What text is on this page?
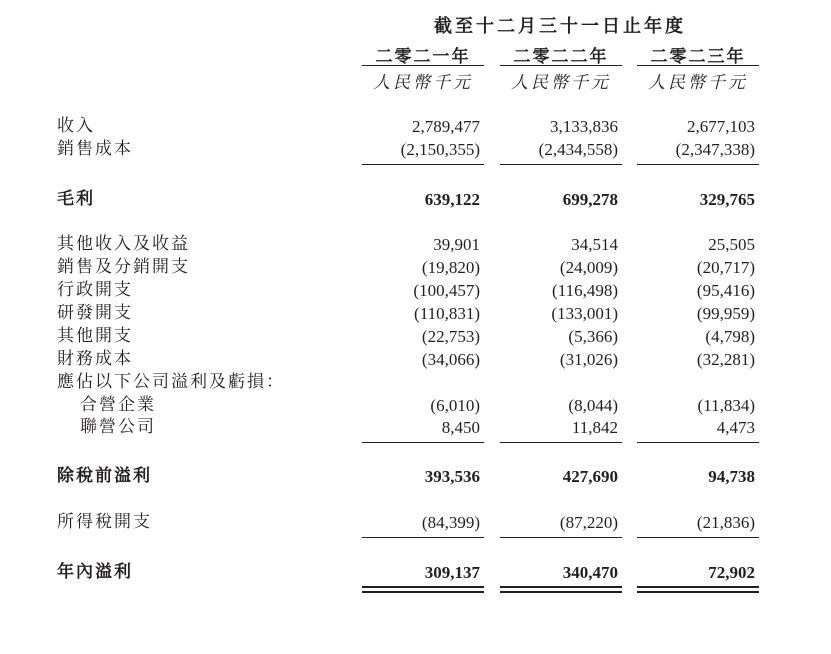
截至十二月三十一日止年度
二零二一年	二零二二年	二零二三年
人民幣千元	人民幣千元	人民幣千元
收入	2,789,477	3,133,836	2,677,103
銷售成本	(2,150,355)	(2,434,558)	(2,347,338)
毛利	639,122	699,278	329,765
其他收入及收益	39,901	34,514	25,505
銷售及分銷開支	(19,820)	(24,009)	(20,717)
行政開支	(100,457)	(116,498)	(95,416)
研發開支	(110,831)	(133,001)	(99,959)
其他開支	(22,753)	(5,366)	(4,798)
財務成本	(34,066)	(31,026)	(32,281)
應佔以下公司溢利及虧損：
合營企業	(6,010)	(8,044)	(11,834)
聯營公司	8,450	11,842	4,473
除稅前溢利	393,536	427,690	94,738
所得稅開支	(84,399)	(87,220)	(21,836)
年內溢利	309,137	340,470	72,902
